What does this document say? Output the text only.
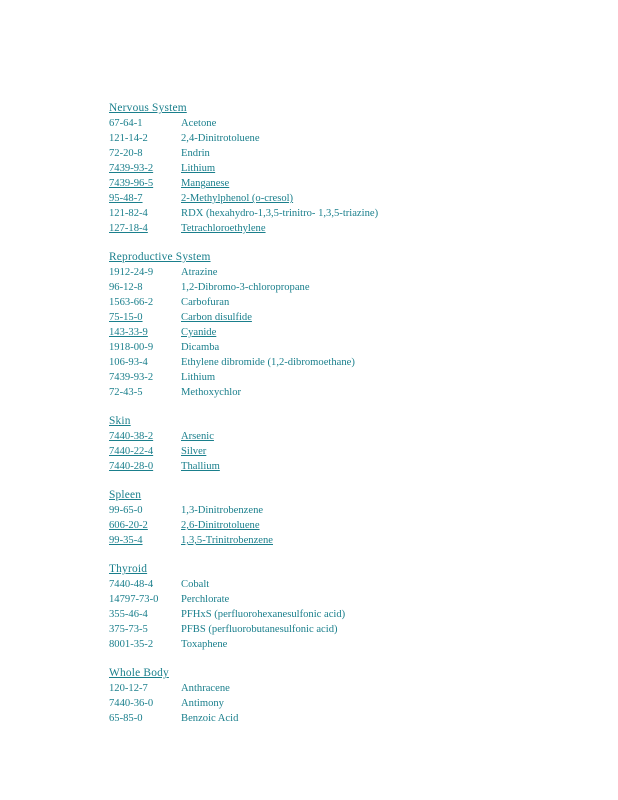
Nervous System
67-64-1	Acetone
121-14-2	2,4-Dinitrotoluene
72-20-8	Endrin
7439-93-2	Lithium
7439-96-5	Manganese
95-48-7	2-Methylphenol (o-cresol)
121-82-4	RDX (hexahydro-1,3,5-trinitro- 1,3,5-triazine)
127-18-4	Tetrachloroethylene
Reproductive System
1912-24-9	Atrazine
96-12-8	1,2-Dibromo-3-chloropropane
1563-66-2	Carbofuran
75-15-0	Carbon disulfide
143-33-9	Cyanide
1918-00-9	Dicamba
106-93-4	Ethylene dibromide (1,2-dibromoethane)
7439-93-2	Lithium
72-43-5	Methoxychlor
Skin
7440-38-2	Arsenic
7440-22-4	Silver
7440-28-0	Thallium
Spleen
99-65-0	1,3-Dinitrobenzene
606-20-2	2,6-Dinitrotoluene
99-35-4	1,3,5-Trinitrobenzene
Thyroid
7440-48-4	Cobalt
14797-73-0	Perchlorate
355-46-4	PFHxS (perfluorohexanesulfonic acid)
375-73-5	PFBS (perfluorobutanesulfonic acid)
8001-35-2	Toxaphene
Whole Body
120-12-7	Anthracene
7440-36-0	Antimony
65-85-0	Benzoic Acid
